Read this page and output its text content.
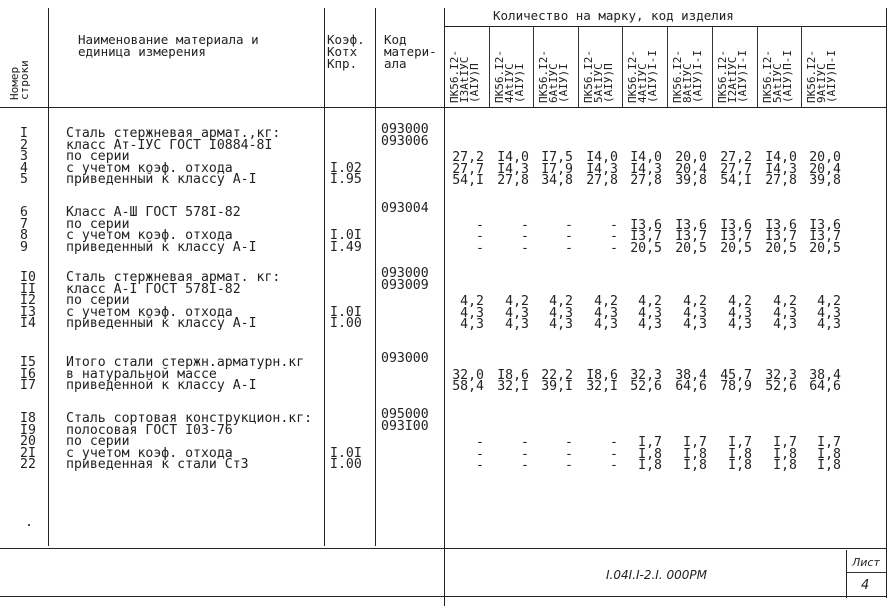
Номер
строки
Наименование материала и
единица измерения
Коэф.
Котх
Кпр.
Код
матери-
ала
Количество на марку, код изделия
ПК56.I2-
I3AtIУС
(AIУ)П ПК56.I2-
4AtIУС
(AIУ)I ПК56.I2-
6AtIУС
(AIУ)I ПК56.I2-
5AtIУС
(AIУ)П ПК56.I2-
4AtIУС
(AIУ)I-I ПК56.I2-
8AtIУС
(AIУ)I-I ПК56.I2-
I2AtIУС
(AIУ)I-I ПК56.I2-
5AtIУС
(AIУ)П-I ПК56.I2-
9AtIУС
(AIУ)П-I
I
2
3
4
5
Сталь стержневая армат.,кг:
класс Ат-IУС ГОСТ I0884-8I
по серии
с учетом коэф. отхода
приведенный к классу А-I

I.02
I.95
093000
093006
27,2
27,7
54,I
I4,0
I4,3
27,8
I7,5
I7,9
34,8
I4,0
I4,3
27,8
I4,0
I4,3
27,8
20,0
20,4
39,8
27,2
27,7
54,I
I4,0
I4,3
27,8
20,0
20,4
39,8
6
7
8
9
Класс А-Ш ГОСТ 578I-82
по серии
с учетом коэф. отхода
приведенный к классу А-I

I.0I
I.49
093004
-
-
-
-
-
-
-
-
-
-
-
-
I3,6
I3,7
20,5
I3,6
I3,7
20,5
I3,6
I3,7
20,5
I3,6
I3,7
20,5
I3,6
I3,7
20,5
I0
II
I2
I3
I4
Сталь стержневая армат. кг:
класс А-I ГОСТ 578I-82
по серии
с учетом коэф. отхода
приведенный к классу А-I

I.0I
I.00
093000
093009
4,2
4,3
4,3
4,2
4,3
4,3
4,2
4,3
4,3
4,2
4,3
4,3
4,2
4,3
4,3
4,2
4,3
4,3
4,2
4,3
4,3
4,2
4,3
4,3
4,2
4,3
4,3
I5
I6
I7
Итого стали стержн.арматурн.кг
в натуральной массе
приведенной к классу А-I
093000
32,0
58,4
I8,6
32,I
22,2
39,I
I8,6
32,I
32,3
52,6
38,4
64,6
45,7
78,9
32,3
52,6
38,4
64,6
I8
I9
20
2I
22
Сталь сортовая конструкцион.кг:
полосовая ГОСТ I03-76
по серии
с учетом коэф. отхода
приведенная к стали Ст3

I.0I
I.00
095000
093I00
-
-
-
-
-
-
-
-
-
-
-
-
I,7
I,8
I,8
I,7
I,8
I,8
I,7
I,8
I,8
I,7
I,8
I,8
I,7
I,8
I,8
.
I.04I.I-2.I. 000PM
Лист
4
